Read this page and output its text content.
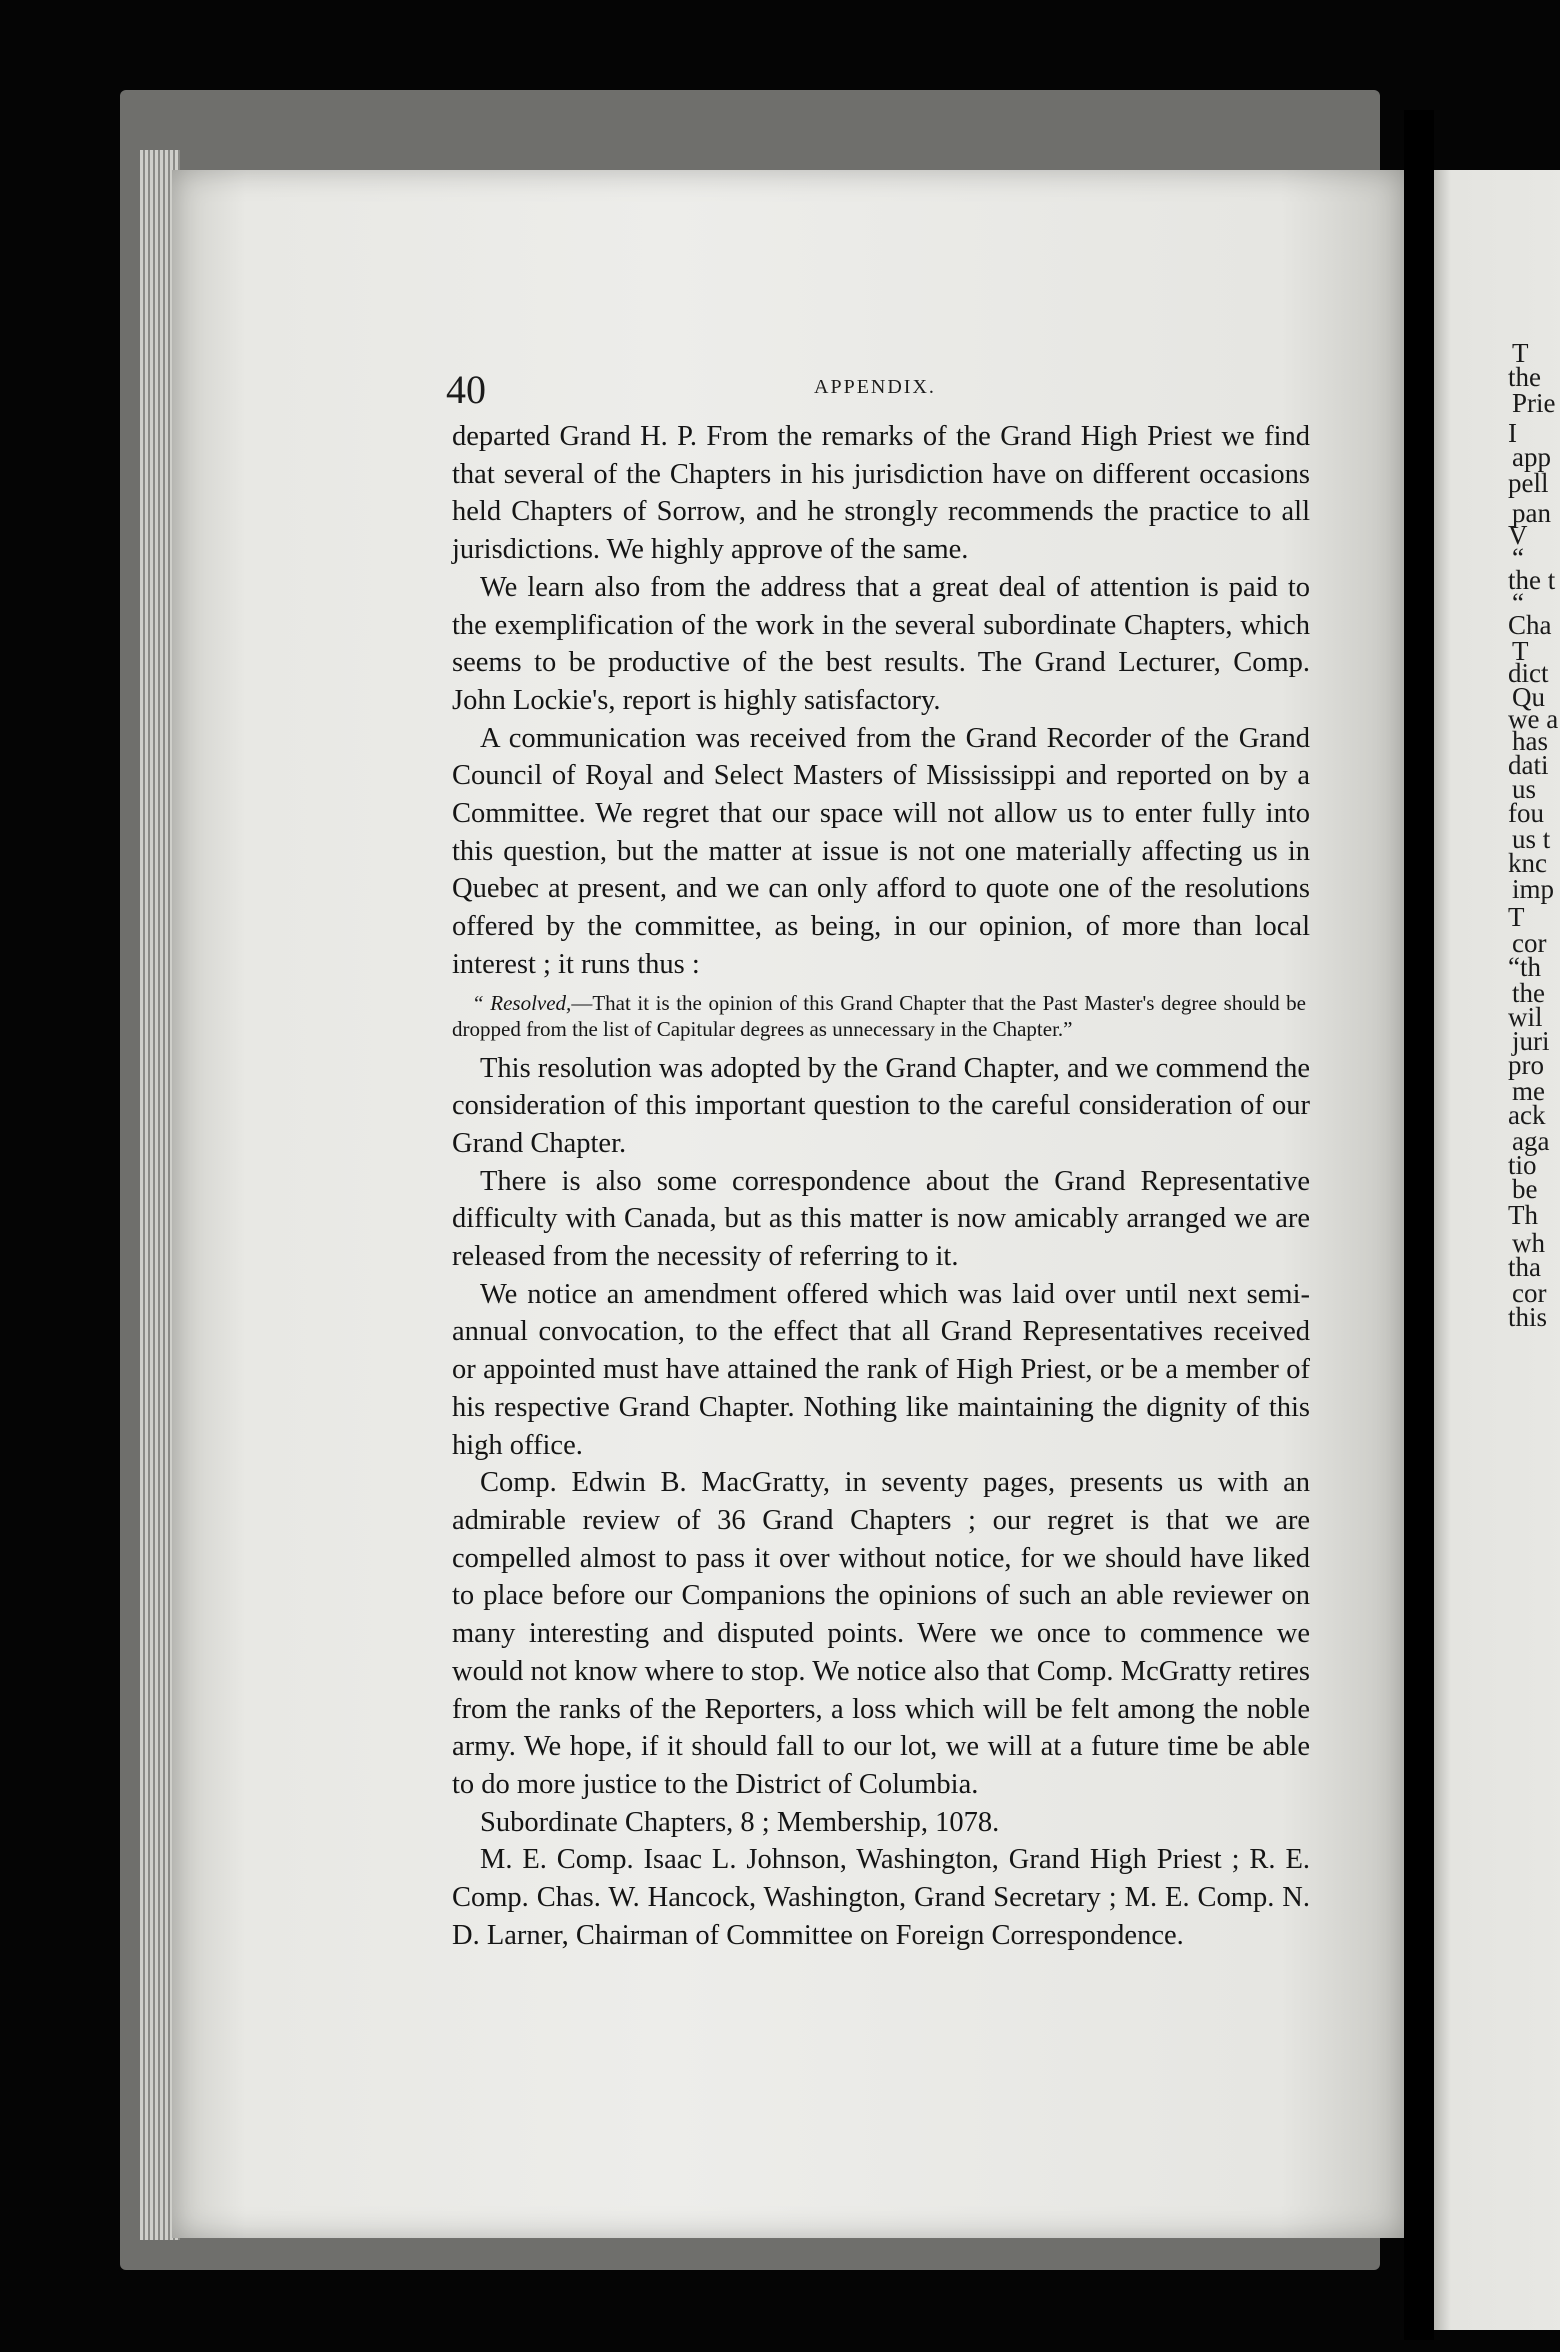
40	APPENDIX.

departed Grand H. P. From the remarks of the Grand High Priest we find that several of the Chapters in his jurisdiction have on different occasions held Chapters of Sorrow, and he strongly recommends the practice to all jurisdictions. We highly approve of the same.

We learn also from the address that a great deal of attention is paid to the exemplification of the work in the several subordinate Chapters, which seems to be productive of the best results. The Grand Lecturer, Comp. John Lockie's, report is highly satisfactory.

A communication was received from the Grand Recorder of the Grand Council of Royal and Select Masters of Mississippi and reported on by a Committee. We regret that our space will not allow us to enter fully into this question, but the matter at issue is not one materially affecting us in Quebec at present, and we can only afford to quote one of the resolutions offered by the committee, as being, in our opinion, of more than local interest ; it runs thus :

“ Resolved,—That it is the opinion of this Grand Chapter that the Past Master's degree should be dropped from the list of Capitular degrees as unnecessary in the Chapter.”

This resolution was adopted by the Grand Chapter, and we commend the consideration of this important question to the careful consideration of our Grand Chapter.

There is also some correspondence about the Grand Representative difficulty with Canada, but as this matter is now amicably arranged we are released from the necessity of referring to it.

We notice an amendment offered which was laid over until next semi-annual convocation, to the effect that all Grand Representatives received or appointed must have attained the rank of High Priest, or be a member of his respective Grand Chapter. Nothing like maintaining the dignity of this high office.

Comp. Edwin B. MacGratty, in seventy pages, presents us with an admirable review of 36 Grand Chapters ; our regret is that we are compelled almost to pass it over without notice, for we should have liked to place before our Companions the opinions of such an able reviewer on many interesting and disputed points. Were we once to commence we would not know where to stop. We notice also that Comp. McGratty retires from the ranks of the Reporters, a loss which will be felt among the noble army. We hope, if it should fall to our lot, we will at a future time be able to do more justice to the District of Columbia.

Subordinate Chapters, 8 ; Membership, 1078.

M. E. Comp. Isaac L. Johnson, Washington, Grand High Priest ; R. E. Comp. Chas. W. Hancock, Washington, Grand Secretary ; M. E. Comp. N. D. Larner, Chairman of Committee on Foreign Correspondence.

T
the
Prie
I
app
pell
pan
V
“
the t
“
Cha
T
dict
Qu
we a
has
dati
us
fou
us t
knc
imp
T
cor
“th
the
wil
juri
pro
me
ack
aga
tio
be
Th
wh
tha
cor
this
